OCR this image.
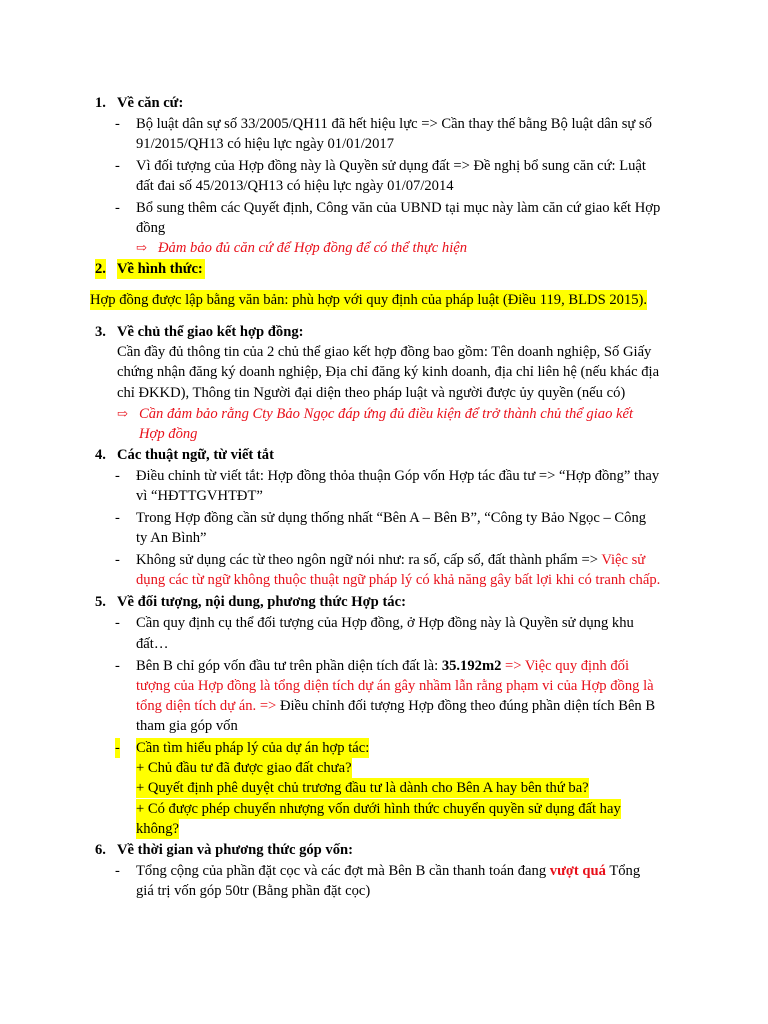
1. Về căn cứ:
- Bộ luật dân sự số 33/2005/QH11 đã hết hiệu lực => Cần thay thế bằng Bộ luật dân sự số
91/2015/QH13 có hiệu lực ngày 01/01/2017
- Vì đối tượng của Hợp đồng này là Quyền sử dụng đất => Đề nghị bổ sung căn cứ: Luật
đất đai số 45/2013/QH13 có hiệu lực ngày 01/07/2014
- Bổ sung thêm các Quyết định, Công văn của UBND tại mục này làm căn cứ giao kết Hợp
đồng
⇨ Đảm bảo đủ căn cứ để Hợp đồng để có thể thực hiện
2. Về hình thức:
Hợp đồng được lập bằng văn bản: phù hợp với quy định của pháp luật (Điều 119, BLDS 2015).
3. Về chủ thể giao kết hợp đồng:
Cần đầy đủ thông tin của 2 chủ thể giao kết hợp đồng bao gồm: Tên doanh nghiệp, Số Giấy
chứng nhận đăng ký doanh nghiệp, Địa chỉ đăng ký kinh doanh, địa chỉ liên hệ (nếu khác địa
chỉ ĐKKD), Thông tin Người đại diện theo pháp luật và người được ủy quyền (nếu có)
⇨ Cần đảm bảo rằng Cty Bảo Ngọc đáp ứng đủ điều kiện để trở thành chủ thể giao kết
Hợp đồng
4. Các thuật ngữ, từ viết tắt
- Điều chỉnh từ viết tắt: Hợp đồng thỏa thuận Góp vốn Hợp tác đầu tư => “Hợp đồng” thay
vì “HĐTTGVHTĐT”
- Trong Hợp đồng cần sử dụng thống nhất “Bên A – Bên B”, “Công ty Bảo Ngọc – Công
ty An Bình”
- Không sử dụng các từ theo ngôn ngữ nói như: ra số, cấp số, đất thành phẩm => Việc sử
dụng các từ ngữ không thuộc thuật ngữ pháp lý có khả năng gây bất lợi khi có tranh chấp.
5. Về đối tượng, nội dung, phương thức Hợp tác:
- Cần quy định cụ thể đối tượng của Hợp đồng, ở Hợp đồng này là Quyền sử dụng khu
đất…
- Bên B chỉ góp vốn đầu tư trên phần diện tích đất là: 35.192m2 => Việc quy định đối
tượng của Hợp đồng là tổng diện tích dự án gây nhầm lẫn rằng phạm vi của Hợp đồng là
tổng diện tích dự án. => Điều chỉnh đối tượng Hợp đồng theo đúng phần diện tích Bên B
tham gia góp vốn
- Cần tìm hiểu pháp lý của dự án hợp tác:
+ Chủ đầu tư đã được giao đất chưa?
+ Quyết định phê duyệt chủ trương đầu tư là dành cho Bên A hay bên thứ ba?
+ Có được phép chuyển nhượng vốn dưới hình thức chuyển quyền sử dụng đất hay
không?
6. Về thời gian và phương thức góp vốn:
- Tổng cộng của phần đặt cọc và các đợt mà Bên B cần thanh toán đang vượt quá Tổng
giá trị vốn góp 50tr (Bằng phần đặt cọc)
